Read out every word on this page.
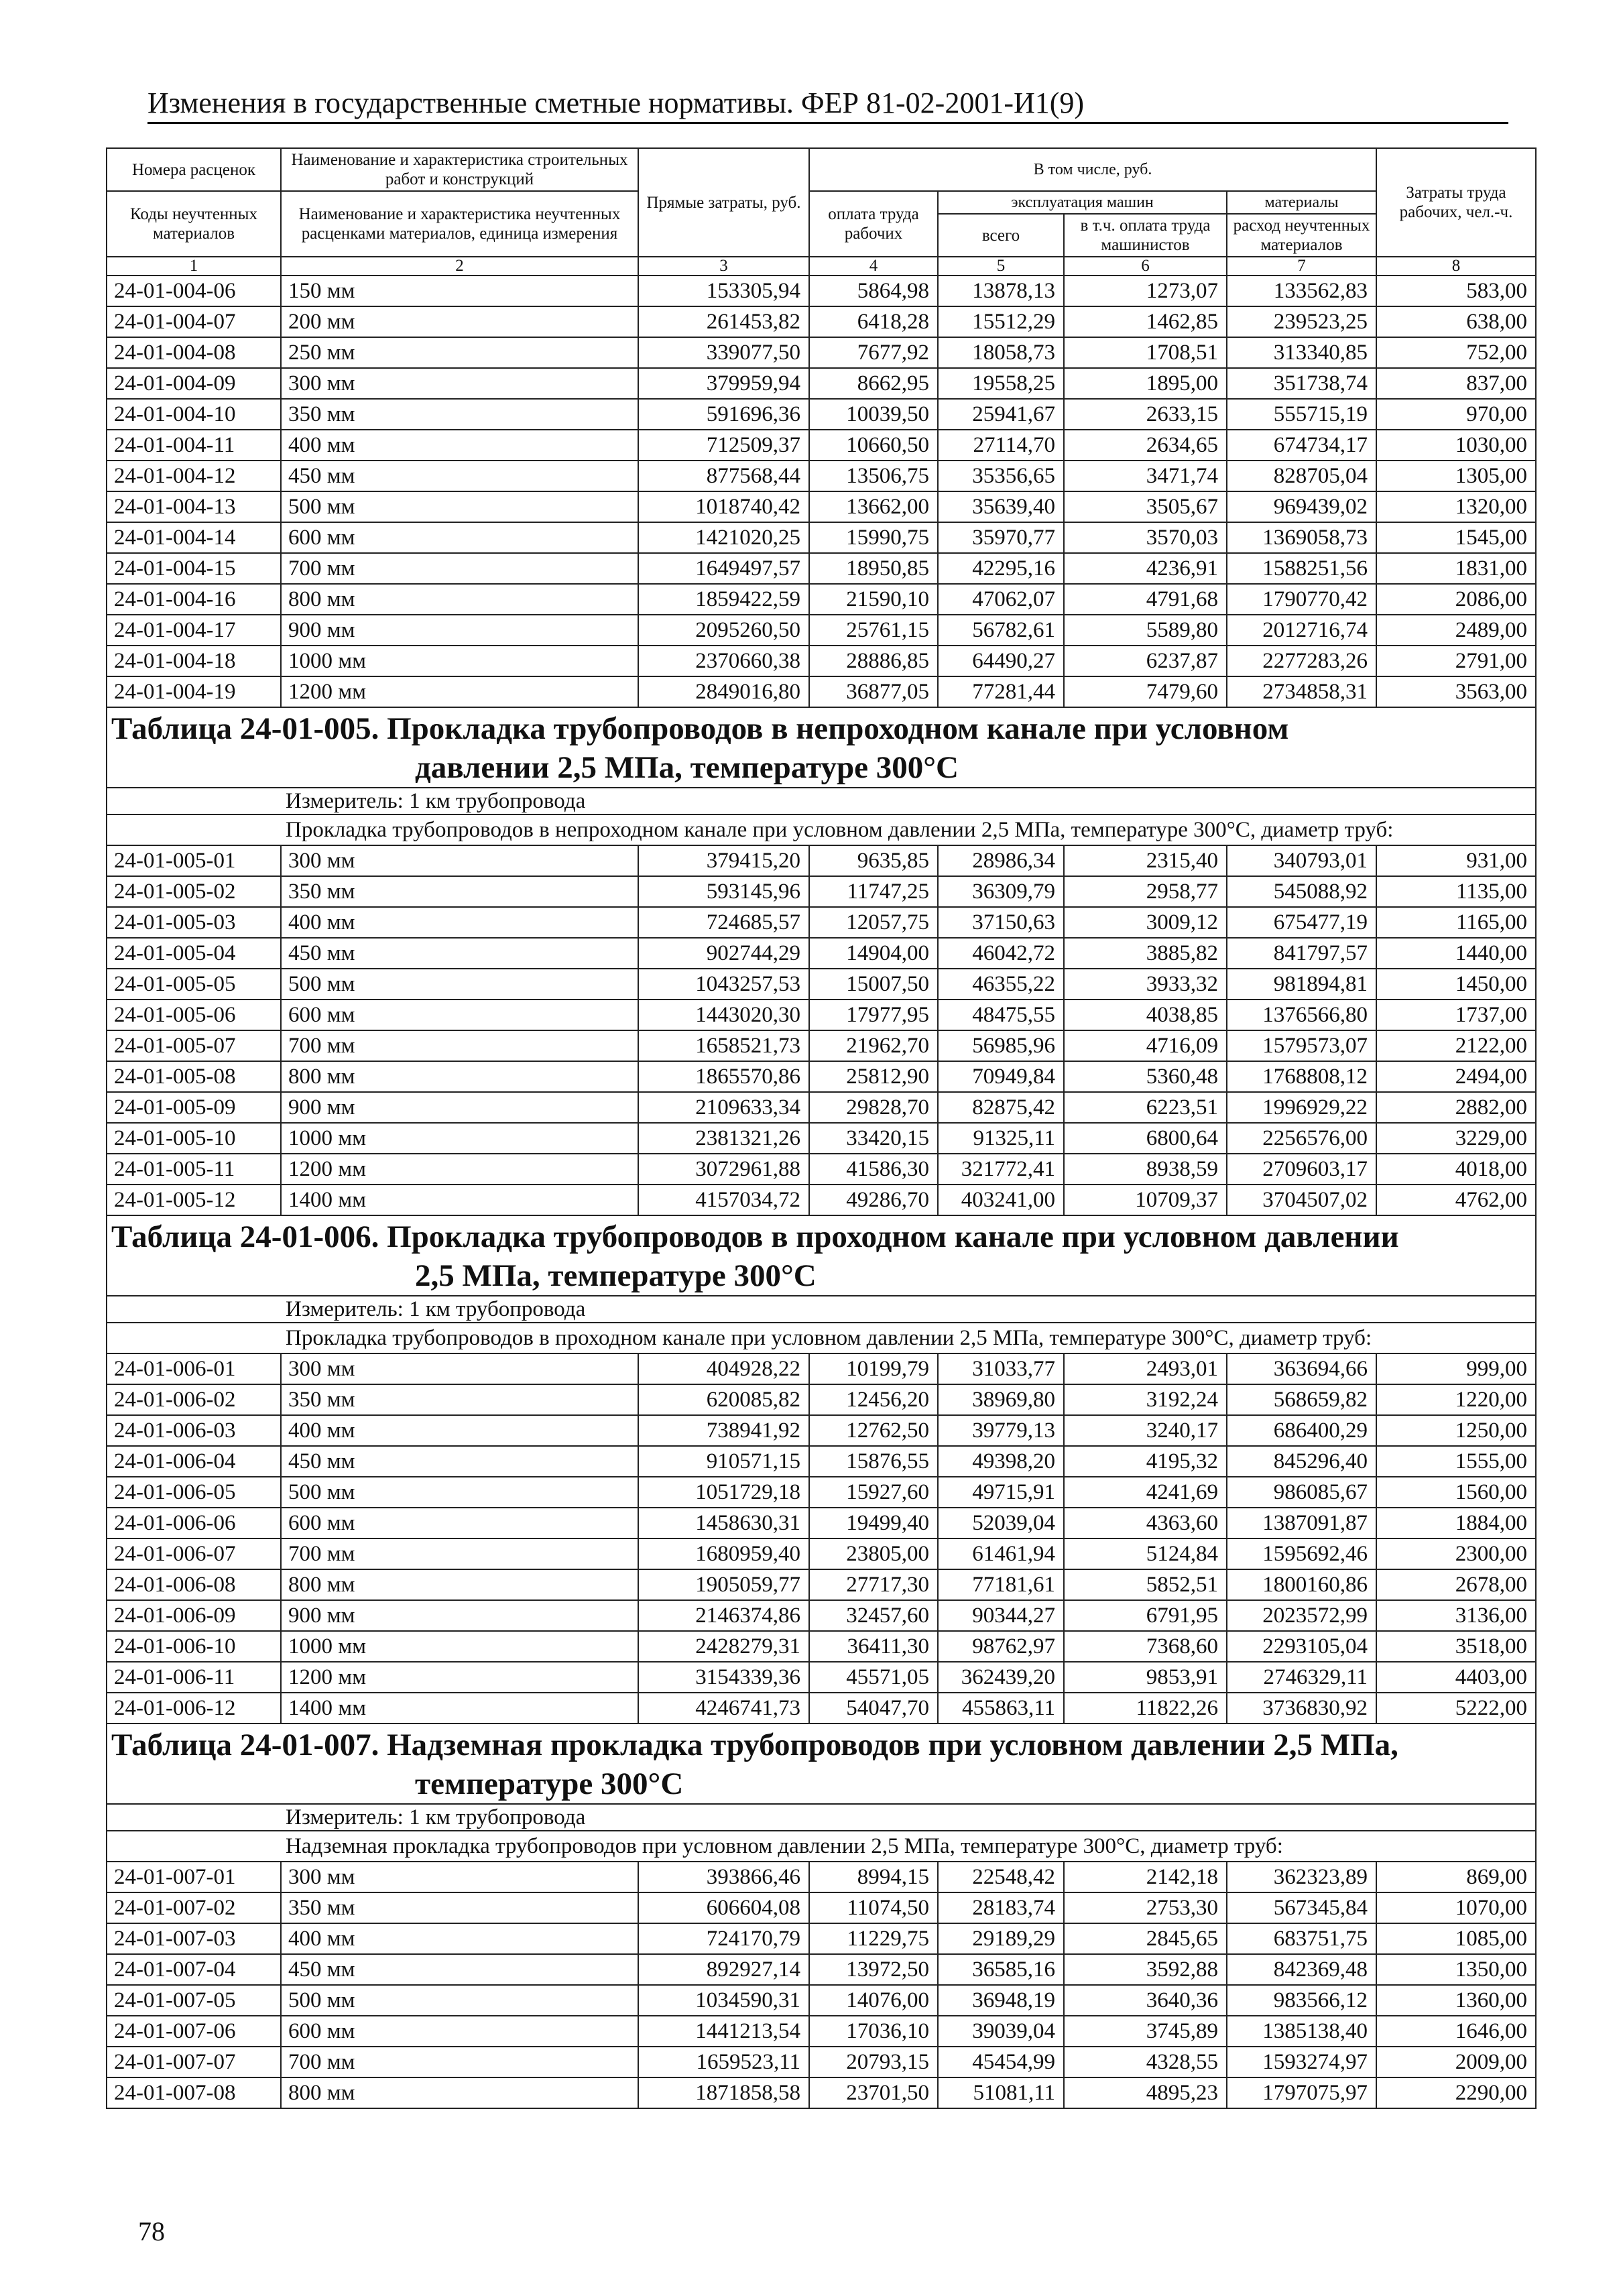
Изменения в государственные сметные нормативы. ФЕР 81-02-2001-И1(9)
Номера расценок	Наименование и характеристика строительных работ и конструкций	Прямые затраты, руб.	В том числе, руб.				Затраты труда рабочих, чел.-ч.
Коды неучтенных материалов	Наименование и характеристика неучтенных расценками материалов, единица измерения		оплата труда рабочих	эксплуатация машин		материалы	
				всего	в т.ч. оплата труда машинистов	расход неучтенных материалов	
1	2	3	4	5	6	7	8
24-01-004-06	150 мм	153305,94	5864,98	13878,13	1273,07	133562,83	583,00
24-01-004-07	200 мм	261453,82	6418,28	15512,29	1462,85	239523,25	638,00
24-01-004-08	250 мм	339077,50	7677,92	18058,73	1708,51	313340,85	752,00
24-01-004-09	300 мм	379959,94	8662,95	19558,25	1895,00	351738,74	837,00
24-01-004-10	350 мм	591696,36	10039,50	25941,67	2633,15	555715,19	970,00
24-01-004-11	400 мм	712509,37	10660,50	27114,70	2634,65	674734,17	1030,00
24-01-004-12	450 мм	877568,44	13506,75	35356,65	3471,74	828705,04	1305,00
24-01-004-13	500 мм	1018740,42	13662,00	35639,40	3505,67	969439,02	1320,00
24-01-004-14	600 мм	1421020,25	15990,75	35970,77	3570,03	1369058,73	1545,00
24-01-004-15	700 мм	1649497,57	18950,85	42295,16	4236,91	1588251,56	1831,00
24-01-004-16	800 мм	1859422,59	21590,10	47062,07	4791,68	1790770,42	2086,00
24-01-004-17	900 мм	2095260,50	25761,15	56782,61	5589,80	2012716,74	2489,00
24-01-004-18	1000 мм	2370660,38	28886,85	64490,27	6237,87	2277283,26	2791,00
24-01-004-19	1200 мм	2849016,80	36877,05	77281,44	7479,60	2734858,31	3563,00
Таблица 24-01-005. Прокладка трубопроводов в непроходном канале при условном
давлении 2,5 МПа, температуре 300°С							

Измеритель: 1 км трубопровода							
Прокладка трубопроводов в непроходном канале при условном давлении 2,5 МПа, температуре 300°С, диаметр труб:							
24-01-005-01	300 мм	379415,20	9635,85	28986,34	2315,40	340793,01	931,00
24-01-005-02	350 мм	593145,96	11747,25	36309,79	2958,77	545088,92	1135,00
24-01-005-03	400 мм	724685,57	12057,75	37150,63	3009,12	675477,19	1165,00
24-01-005-04	450 мм	902744,29	14904,00	46042,72	3885,82	841797,57	1440,00
24-01-005-05	500 мм	1043257,53	15007,50	46355,22	3933,32	981894,81	1450,00
24-01-005-06	600 мм	1443020,30	17977,95	48475,55	4038,85	1376566,80	1737,00
24-01-005-07	700 мм	1658521,73	21962,70	56985,96	4716,09	1579573,07	2122,00
24-01-005-08	800 мм	1865570,86	25812,90	70949,84	5360,48	1768808,12	2494,00
24-01-005-09	900 мм	2109633,34	29828,70	82875,42	6223,51	1996929,22	2882,00
24-01-005-10	1000 мм	2381321,26	33420,15	91325,11	6800,64	2256576,00	3229,00
24-01-005-11	1200 мм	3072961,88	41586,30	321772,41	8938,59	2709603,17	4018,00
24-01-005-12	1400 мм	4157034,72	49286,70	403241,00	10709,37	3704507,02	4762,00
Таблица 24-01-006. Прокладка трубопроводов в проходном канале при условном давлении
2,5 МПа, температуре 300°С							

Измеритель: 1 км трубопровода							
Прокладка трубопроводов в проходном канале при условном давлении 2,5 МПа, температуре 300°С, диаметр труб:							
24-01-006-01	300 мм	404928,22	10199,79	31033,77	2493,01	363694,66	999,00
24-01-006-02	350 мм	620085,82	12456,20	38969,80	3192,24	568659,82	1220,00
24-01-006-03	400 мм	738941,92	12762,50	39779,13	3240,17	686400,29	1250,00
24-01-006-04	450 мм	910571,15	15876,55	49398,20	4195,32	845296,40	1555,00
24-01-006-05	500 мм	1051729,18	15927,60	49715,91	4241,69	986085,67	1560,00
24-01-006-06	600 мм	1458630,31	19499,40	52039,04	4363,60	1387091,87	1884,00
24-01-006-07	700 мм	1680959,40	23805,00	61461,94	5124,84	1595692,46	2300,00
24-01-006-08	800 мм	1905059,77	27717,30	77181,61	5852,51	1800160,86	2678,00
24-01-006-09	900 мм	2146374,86	32457,60	90344,27	6791,95	2023572,99	3136,00
24-01-006-10	1000 мм	2428279,31	36411,30	98762,97	7368,60	2293105,04	3518,00
24-01-006-11	1200 мм	3154339,36	45571,05	362439,20	9853,91	2746329,11	4403,00
24-01-006-12	1400 мм	4246741,73	54047,70	455863,11	11822,26	3736830,92	5222,00
Таблица 24-01-007. Надземная прокладка трубопроводов при условном давлении 2,5 МПа,
температуре 300°С							

Измеритель: 1 км трубопровода							
Надземная прокладка трубопроводов при условном давлении 2,5 МПа, температуре 300°С, диаметр труб:							
24-01-007-01	300 мм	393866,46	8994,15	22548,42	2142,18	362323,89	869,00
24-01-007-02	350 мм	606604,08	11074,50	28183,74	2753,30	567345,84	1070,00
24-01-007-03	400 мм	724170,79	11229,75	29189,29	2845,65	683751,75	1085,00
24-01-007-04	450 мм	892927,14	13972,50	36585,16	3592,88	842369,48	1350,00
24-01-007-05	500 мм	1034590,31	14076,00	36948,19	3640,36	983566,12	1360,00
24-01-007-06	600 мм	1441213,54	17036,10	39039,04	3745,89	1385138,40	1646,00
24-01-007-07	700 мм	1659523,11	20793,15	45454,99	4328,55	1593274,97	2009,00
24-01-007-08	800 мм	1871858,58	23701,50	51081,11	4895,23	1797075,97	2290,00
78
